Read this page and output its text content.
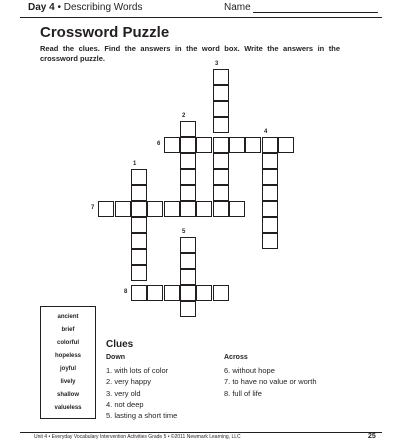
Day 4 • Describing Words	Name
Crossword Puzzle
Read the clues. Find the answers in the word box. Write the answers in the crossword puzzle.
3
2
4
6
1
7
5
8
ancient
brief
colorful
hopeless
joyful
lively
shallow
valueless
Clues
Down	Across
1. with lots of color
2. very happy
3. very old
4. not deep
5. lasting a short time
6. without hope
7. to have no value or worth
8. full of life
Unit 4 • Everyday Vocabulary Intervention Activities Grade 5 • ©2011 Newmark Learning, LLC	25
